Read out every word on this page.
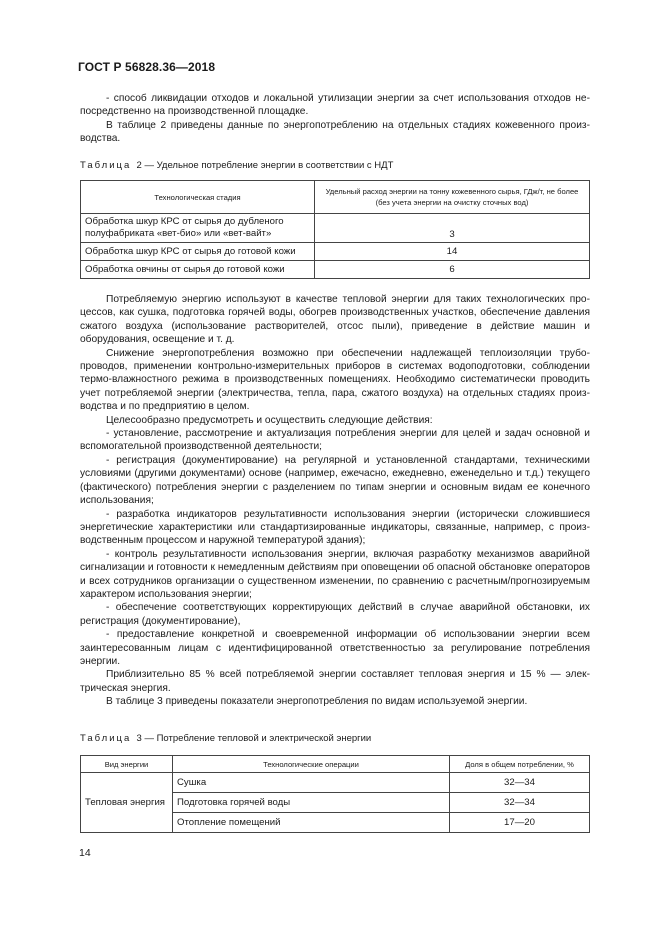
ГОСТ Р 56828.36—2018

- способ ликвидации отходов и локальной утилизации энергии за счет использования отходов непосредственно на производственной площадке.

В таблице 2 приведены данные по энергопотреблению на отдельных стадиях кожевенного производства.

Таблица 2 — Удельное потребление энергии в соответствии с НДТ

Технологическая стадия	Удельный расход энергии на тонну кожевенного сырья, ГДж/т, не более (без учета энергии на очистку сточных вод)
Обработка шкур КРС от сырья до дубленого полуфабриката «вет-био» или «вет-вайт»	3
Обработка шкур КРС от сырья до готовой кожи	14
Обработка овчины от сырья до готовой кожи	6

Потребляемую энергию используют в качестве тепловой энергии для таких технологических процессов, как сушка, подготовка горячей воды, обогрев производственных участков, обеспечение давления сжатого воздуха (использование растворителей, отсос пыли), приведение в действие машин и оборудования, освещение и т. д.

Снижение энергопотребления возможно при обеспечении надлежащей теплоизоляции трубопроводов, применении контрольно-измерительных приборов в системах водоподготовки, соблюдении термо-влажностного режима в производственных помещениях. Необходимо систематически проводить учет потребляемой энергии (электричества, тепла, пара, сжатого воздуха) на отдельных стадиях производства и по предприятию в целом.

Целесообразно предусмотреть и осуществить следующие действия:

- установление, рассмотрение и актуализация потребления энергии для целей и задач основной и вспомогательной производственной деятельности;

- регистрация (документирование) на регулярной и установленной стандартами, техническими условиями (другими документами) основе (например, ежечасно, ежедневно, еженедельно и т.д.) текущего (фактического) потребления энергии с разделением по типам энергии и основным видам ее конечного использования;

- разработка индикаторов результативности использования энергии (исторически сложившиеся энергетические характеристики или стандартизированные индикаторы, связанные, например, с производственным процессом и наружной температурой здания);

- контроль результативности использования энергии, включая разработку механизмов аварийной сигнализации и готовности к немедленным действиям при оповещении об опасной обстановке операторов и всех сотрудников организации о существенном изменении, по сравнению с расчетным/прогнозируемым характером использования энергии;

- обеспечение соответствующих корректирующих действий в случае аварийной обстановки, их регистрация (документирование),

- предоставление конкретной и своевременной информации об использовании энергии всем заинтересованным лицам с идентифицированной ответственностью за регулирование потребления энергии.

Приблизительно 85 % всей потребляемой энергии составляет тепловая энергия и 15 % — электрическая энергия.

В таблице 3 приведены показатели энергопотребления по видам используемой энергии.

Таблица 3 — Потребление тепловой и электрической энергии

Вид энергии	Технологические операции	Доля в общем потреблении, %
Тепловая энергия	Сушка	32—34
	Подготовка горячей воды	32—34
	Отопление помещений	17—20
14
